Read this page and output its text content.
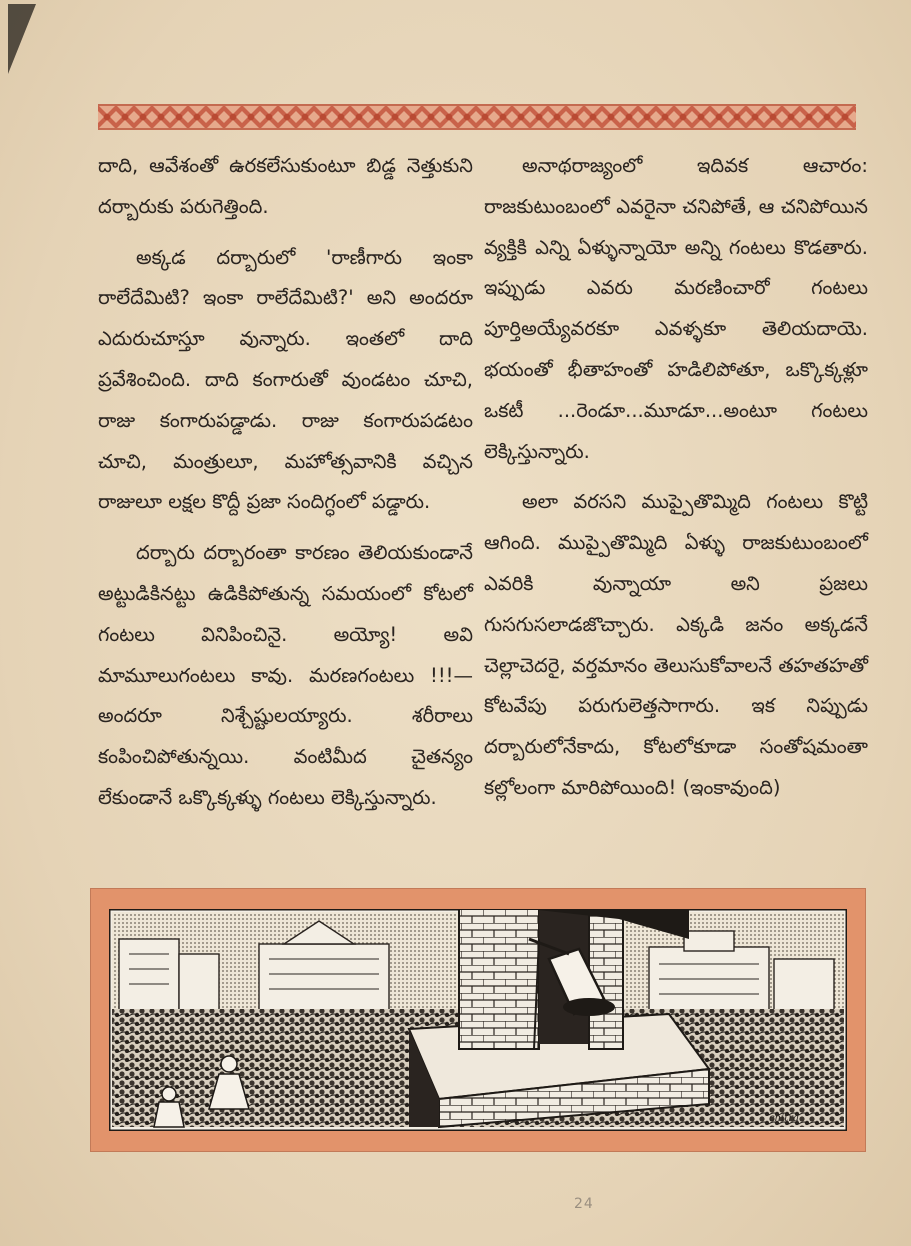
దాది, ఆవేశంతో ఉరకలేసుకుంటూ బిడ్డ నెత్తుకుని దర్బారుకు పరుగెత్తింది.

అక్కడ దర్బారులో 'రాణీగారు ఇంకా రాలేదేమిటి? ఇంకా రాలేదేమిటి?' అని అందరూ ఎదురుచూస్తూ వున్నారు. ఇంతలో దాది ప్రవేశించింది. దాది కంగారుతో వుండటం చూచి, రాజు కంగారుపడ్డాడు. రాజు కంగారుపడటం చూచి, మంత్రులూ, మహోత్సవానికి వచ్చిన రాజులూ లక్షల కొద్దీ ప్రజా సందిగ్ధంలో పడ్డారు.

దర్బారు దర్బారంతా కారణం తెలియకుండానే అట్టుడికినట్టు ఉడికిపోతున్న సమయంలో కోటలో గంటలు వినిపించినై. అయ్యో! అవి మామూలుగంటలు కావు. మరణగంటలు !!!—అందరూ నిశ్చేష్టులయ్యారు. శరీరాలు కంపించిపోతున్నయి. వంటిమీద చైతన్యం లేకుండానే ఒక్కొక్కళ్ళు గంటలు లెక్కిస్తున్నారు.

అనాథరాజ్యంలో ఇదివక ఆచారం: రాజకుటుంబంలో ఎవరైనా చనిపోతే, ఆ చనిపోయిన వ్యక్తికి ఎన్ని ఏళ్ళున్నాయో అన్ని గంటలు కొడతారు. ఇప్పుడు ఎవరు మరణించారో గంటలు పూర్తిఅయ్యేవరకూ ఎవళ్ళకూ తెలియదాయె. భయంతో భీతాహంతో హడిలిపోతూ, ఒక్కొక్కళ్లూ ఒకటీ ...రెండూ...మూడూ...అంటూ గంటలు లెక్కిస్తున్నారు.

అలా వరసని ముప్పైతొమ్మిది గంటలు కొట్టి ఆగింది. ముప్పైతొమ్మిది ఏళ్ళు రాజకుటుంబంలో ఎవరికి వున్నాయా అని ప్రజలు గుసగుసలాడజొచ్చారు. ఎక్కడి జనం అక్కడనే చెల్లాచెదరై, వర్తమానం తెలుసుకోవాలనే తహతహతో కోటవేపు పరుగులెత్తసాగారు. ఇక నిప్పుడు దర్బారులోనేకాదు, కోటలోకూడా సంతోషమంతా కల్లోలంగా మారిపోయింది! (ఇంకావుంది)

chitra
24
